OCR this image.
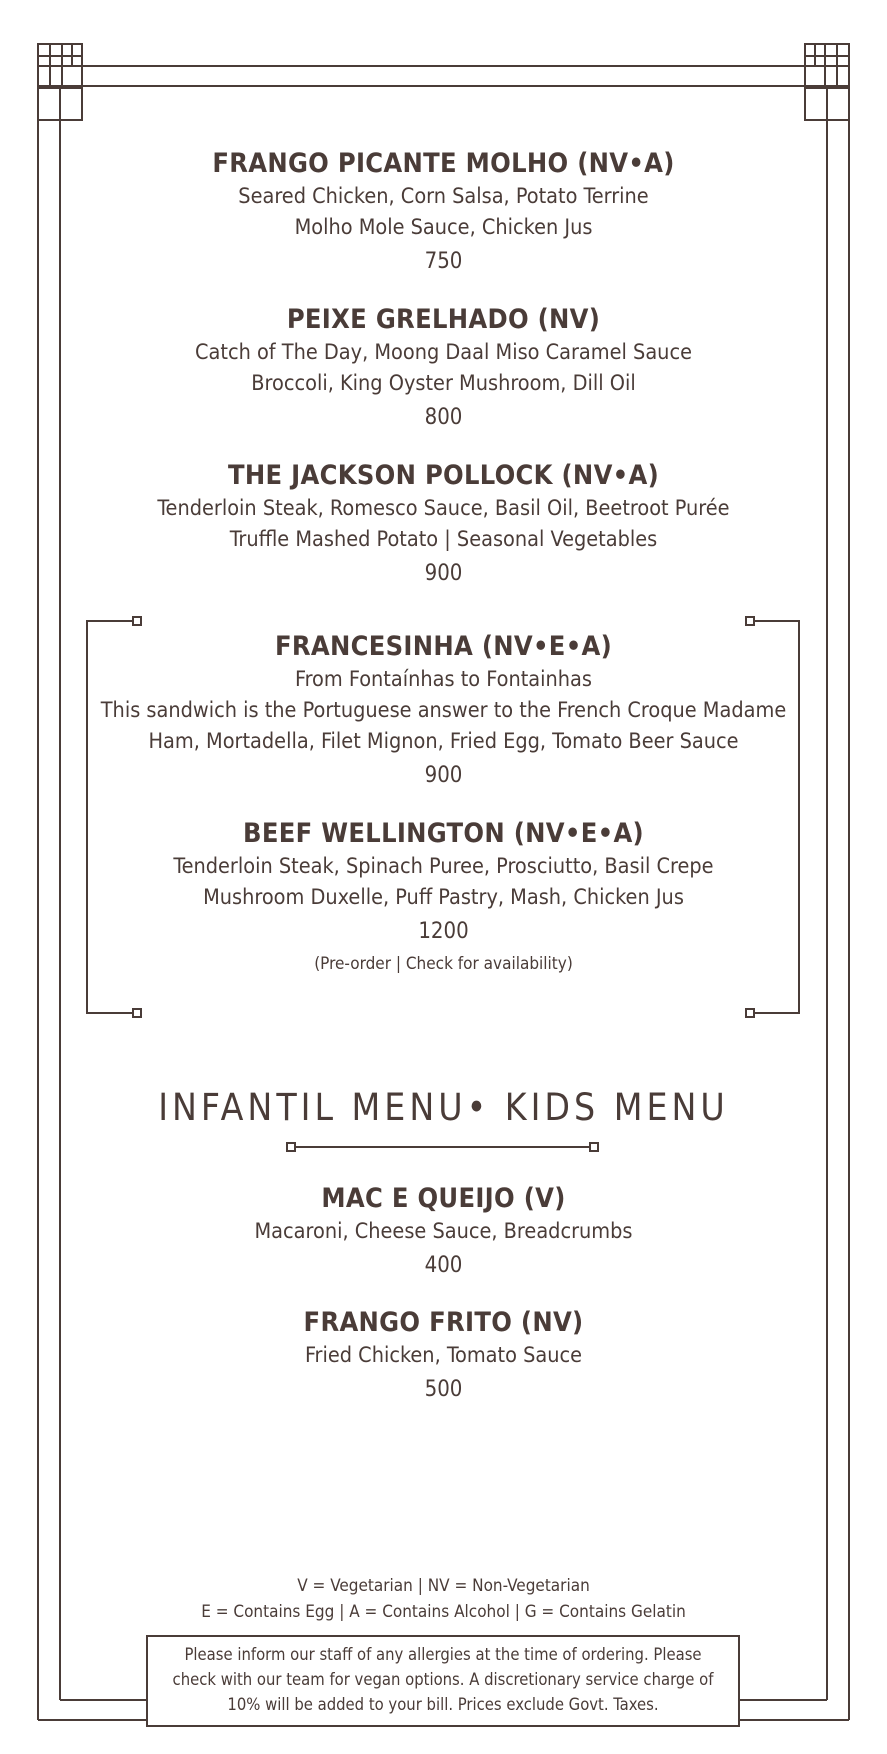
FRANGO PICANTE MOLHO (NV•A)
Seared Chicken, Corn Salsa, Potato Terrine
Molho Mole Sauce, Chicken Jus
750
PEIXE GRELHADO (NV)
Catch of The Day, Moong Daal Miso Caramel Sauce
Broccoli, King Oyster Mushroom, Dill Oil
800
THE JACKSON POLLOCK (NV•A)
Tenderloin Steak, Romesco Sauce, Basil Oil, Beetroot Purée
Truffle Mashed Potato | Seasonal Vegetables
900
FRANCESINHA (NV•E•A)
From Fontaínhas to Fontainhas
This sandwich is the Portuguese answer to the French Croque Madame
Ham, Mortadella, Filet Mignon, Fried Egg, Tomato Beer Sauce
900
BEEF WELLINGTON (NV•E•A)
Tenderloin Steak, Spinach Puree, Prosciutto, Basil Crepe
Mushroom Duxelle, Puff Pastry, Mash, Chicken Jus
1200
(Pre-order | Check for availability)
INFANTIL MENU• KIDS MENU
MAC E QUEIJO (V)
Macaroni, Cheese Sauce, Breadcrumbs
400
FRANGO FRITO (NV)
Fried Chicken, Tomato Sauce
500
V = Vegetarian | NV = Non-Vegetarian
E = Contains Egg | A = Contains Alcohol | G = Contains Gelatin
Please inform our staff of any allergies at the time of ordering. Please
check with our team for vegan options. A discretionary service charge of
10% will be added to your bill. Prices exclude Govt. Taxes.
